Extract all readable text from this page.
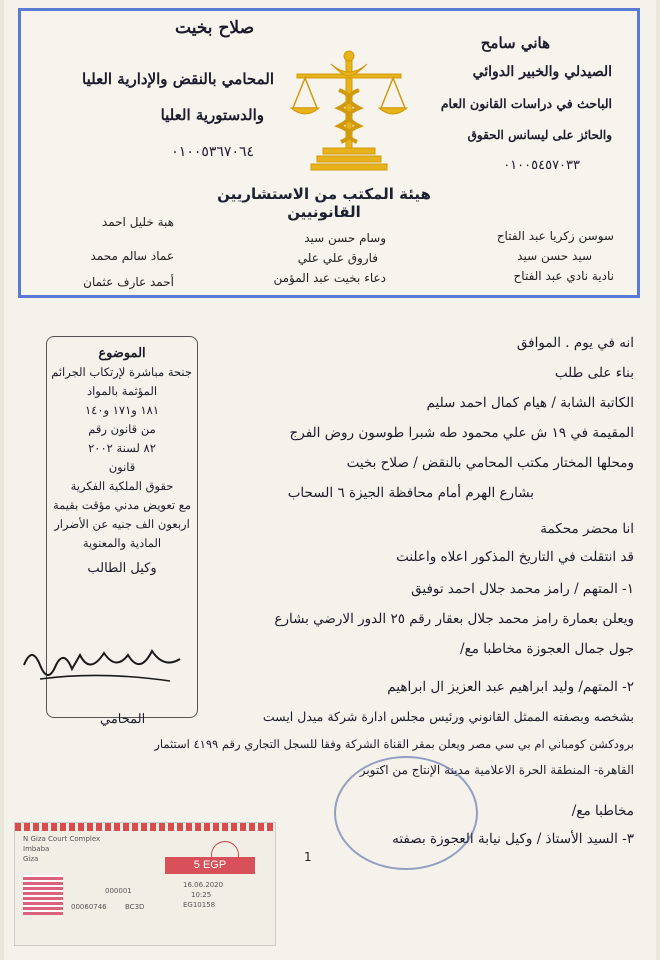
صلاح بخيت
المحامي بالنقض والإدارية العليا
والدستورية العليا
٠١٠٠٥٣٦٧٠٦٤
هاني سامح
الصيدلي والخبير الدوائي
الباحث في دراسات القانون العام
والحائز على ليسانس الحقوق
٠١٠٠٥٤٥٧٠٣٣
هيئة المكتب من الاستشاريين القانونيين
سوسن زكريا عبد الفتاح
سيد حسن سيد
نادية نادي عبد الفتاح
وسام حسن سيد
فاروق علي علي
دعاء بخيت عبد المؤمن
هبة خليل احمد
عماد سالم محمد
أحمد عارف عثمان
الموضوع
جنحة مباشرة لإرتكاب الجرائم
المؤثمة بالمواد
١٨١ و١٧١ و١٤٠
من قانون رقم
٨٢ لسنة ٢٠٠٢
قانون
حقوق الملكية الفكرية
مع تعويض مدني مؤقت بقيمة
اربعون الف جنيه عن الأضرار
المادية والمعنوية
وكيل الطالب
المحامي
انه في يوم . الموافق
بناء على طلب
الكاتبة الشابة / هيام كمال احمد سليم
المقيمة في ١٩ ش علي محمود طه شبرا طوسون روض الفرج
ومحلها المختار مكتب المحامي بالنقض / صلاح بخيت
بشارع الهرم أمام محافظة الجيزة ٦ السحاب
انا محضر محكمة
قد انتقلت في التاريخ المذكور اعلاه واعلنت
١- المتهم / رامز محمد جلال احمد توفيق
ويعلن بعمارة رامز محمد جلال بعقار رقم ٢٥ الدور الارضي بشارع
جول جمال العجوزة مخاطبا مع/
٢- المتهم/ وليد ابراهيم عبد العزيز ال ابراهيم
بشخصه وبصفته الممثل القانوني ورئيس مجلس ادارة شركة ميدل ايست
برودكشن كومباني ام بي سي مصر ويعلن بمقر القناة الشركة وفقا للسجل التجاري رقم ٤١٩٩ استثمار
القاهرة- المنطقة الحرة الاعلامية مدينة الإنتاج من اكتوبر
مخاطبا مع/
٣- السيد الأستاذ / وكيل نيابة العجوزة بصفته
1
N Giza Court Complex
Imbaba
Giza	5 EGP
000001
00060746	BC3D
16.06.2020
10:25
EG10158
